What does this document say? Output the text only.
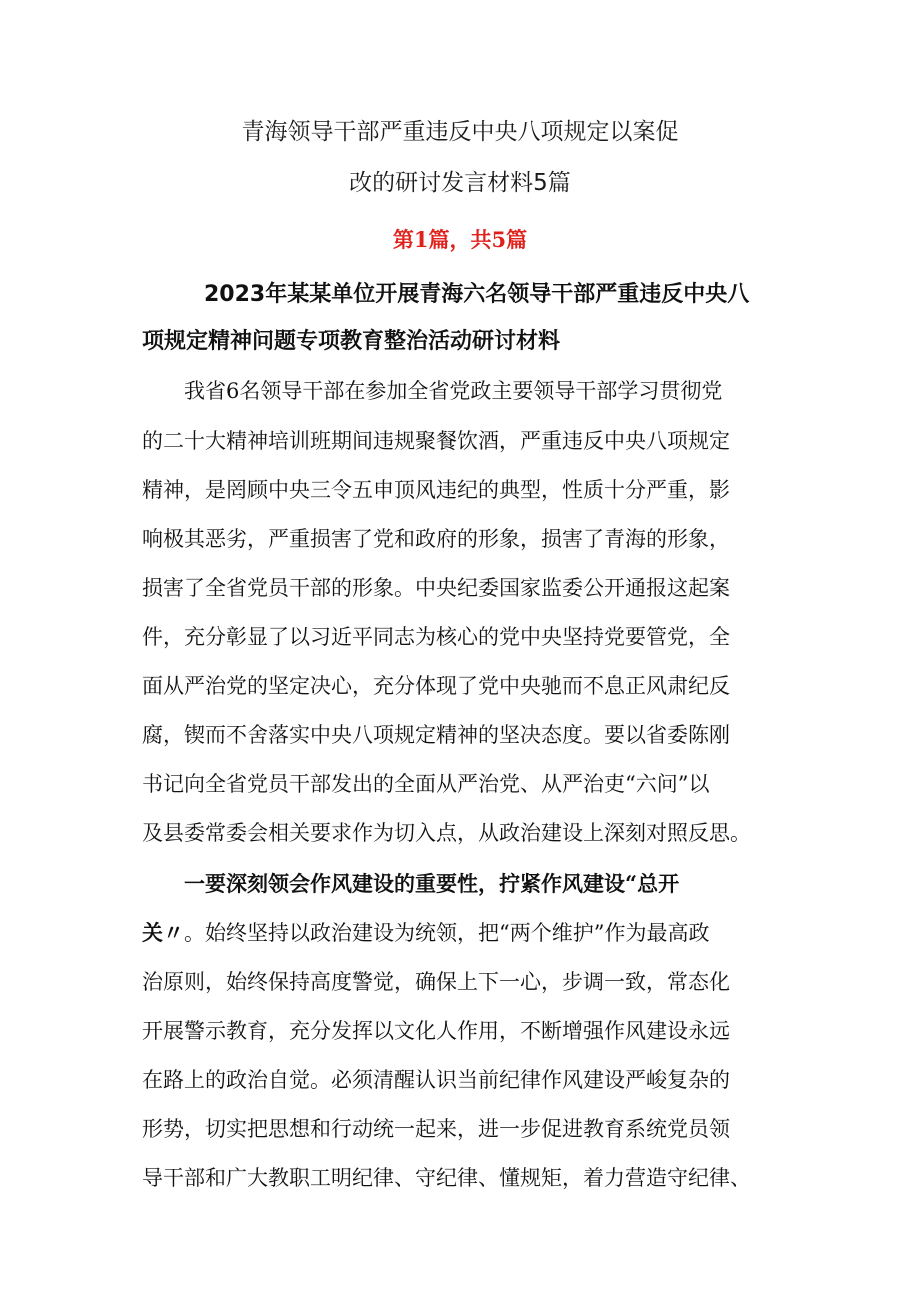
青海领导干部严重违反中央八项规定以案促
改的研讨发言材料5篇
第1篇，共5篇
2023年某某单位开展青海六名领导干部严重违反中央八
项规定精神问题专项教育整治活动研讨材料
我省6名领导干部在参加全省党政主要领导干部学习贯彻党
的二十大精神培训班期间违规聚餐饮酒，严重违反中央八项规定
精神，是罔顾中央三令五申顶风违纪的典型，性质十分严重，影
响极其恶劣，严重损害了党和政府的形象，损害了青海的形象，
损害了全省党员干部的形象。中央纪委国家监委公开通报这起案
件，充分彰显了以习近平同志为核心的党中央坚持党要管党，全
面从严治党的坚定决心，充分体现了党中央驰而不息正风肃纪反
腐，锲而不舍落实中央八项规定精神的坚决态度。要以省委陈刚
书记向全省党员干部发出的全面从严治党、从严治吏“六问”以
及县委常委会相关要求作为切入点，从政治建设上深刻对照反思。
一要深刻领会作风建设的重要性，拧紧作风建设“总开
关〃。始终坚持以政治建设为统领，把“两个维护”作为最高政
治原则，始终保持高度警觉，确保上下一心，步调一致，常态化
开展警示教育，充分发挥以文化人作用，不断增强作风建设永远
在路上的政治自觉。必须清醒认识当前纪律作风建设严峻复杂的
形势，切实把思想和行动统一起来，进一步促进教育系统党员领
导干部和广大教职工明纪律、守纪律、懂规矩，着力营造守纪律、
